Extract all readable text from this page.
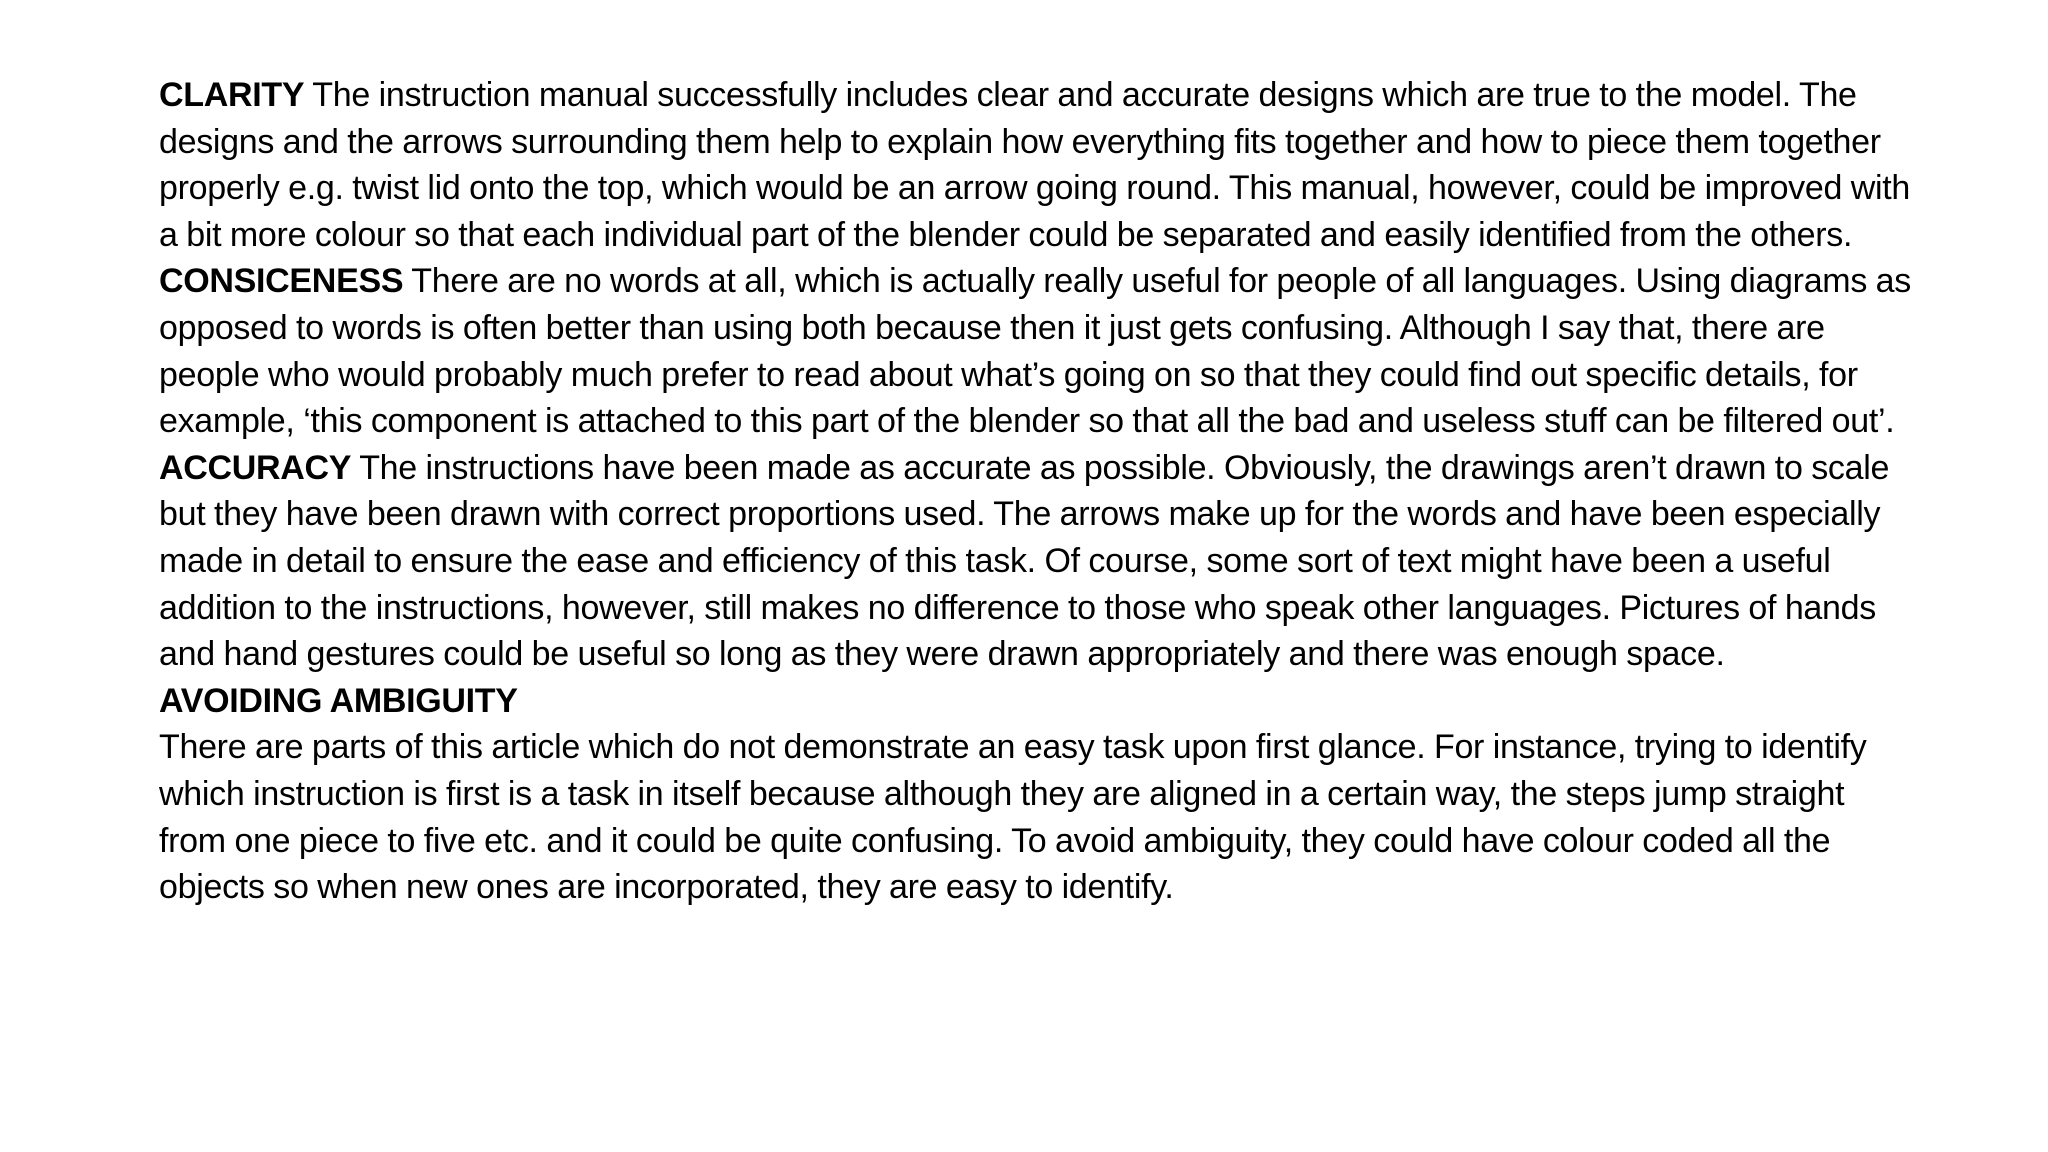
CLARITY The instruction manual successfully includes clear and accurate designs which are true to the model. The designs and the arrows surrounding them help to explain how everything fits together and how to piece them together properly e.g. twist lid onto the top, which would be an arrow going round. This manual, however, could be improved with a bit more colour so that each individual part of the blender could be separated and easily identified from the others.

CONSICENESS There are no words at all, which is actually really useful for people of all languages. Using diagrams as opposed to words is often better than using both because then it just gets confusing. Although I say that, there are people who would probably much prefer to read about what’s going on so that they could find out specific details, for example, ‘this component is attached to this part of the blender so that all the bad and useless stuff can be filtered out’.

ACCURACY The instructions have been made as accurate as possible. Obviously, the drawings aren’t drawn to scale but they have been drawn with correct proportions used. The arrows make up for the words and have been especially made in detail to ensure the ease and efficiency of this task. Of course, some sort of text might have been a useful addition to the instructions, however, still makes no difference to those who speak other languages. Pictures of hands and hand gestures could be useful so long as they were drawn appropriately and there was enough space.

AVOIDING AMBIGUITY

There are parts of this article which do not demonstrate an easy task upon first glance. For instance, trying to identify which instruction is first is a task in itself because although they are aligned in a certain way, the steps jump straight from one piece to five etc. and it could be quite confusing. To avoid ambiguity, they could have colour coded all the objects so when new ones are incorporated, they are easy to identify.
